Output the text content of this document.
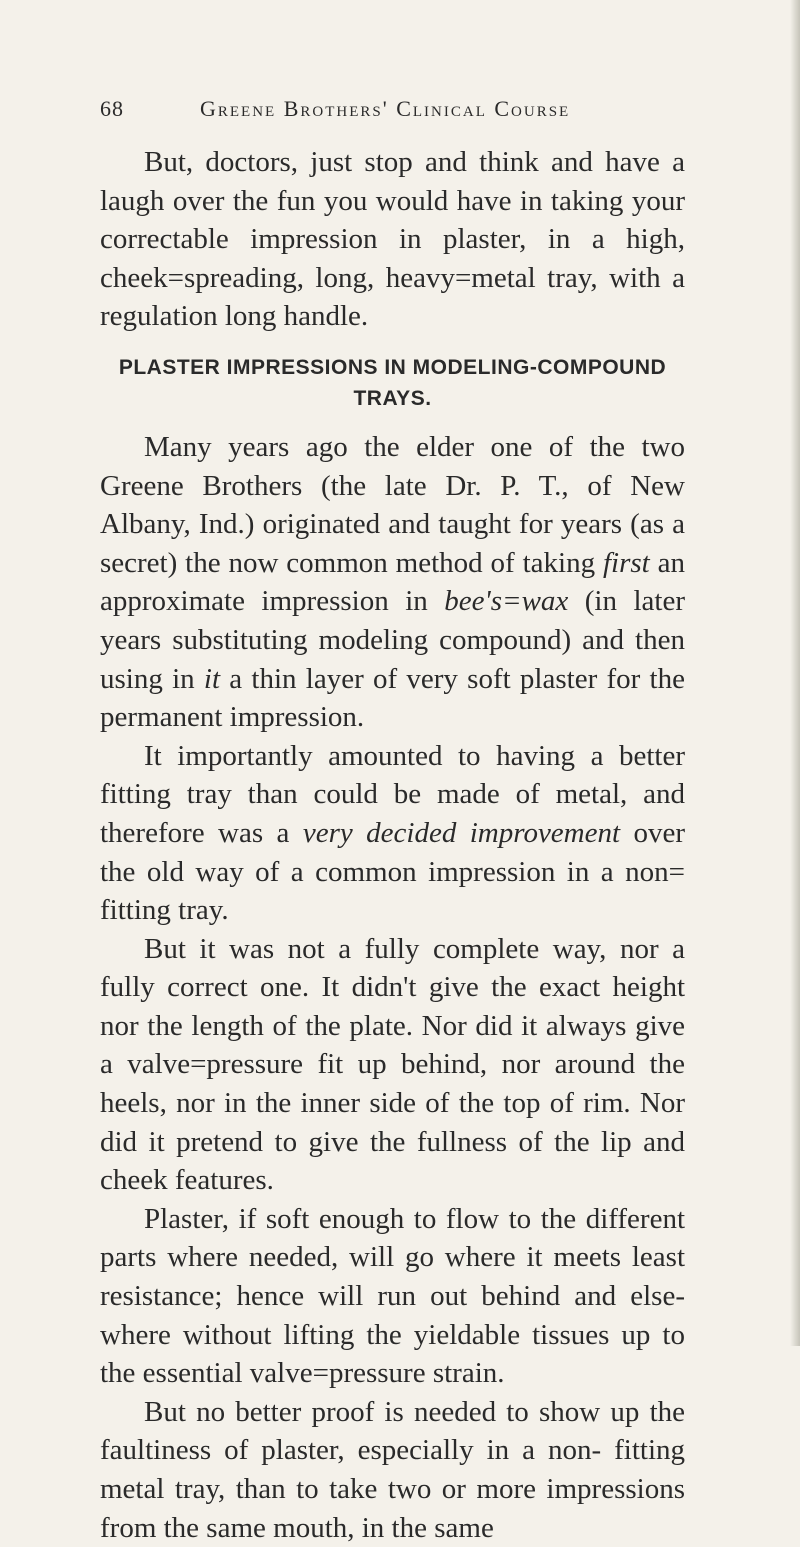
68	Greene Brothers' Clinical Course

But, doctors, just stop and think and have a laugh over the fun you would have in taking your correctable impression in plaster, in a high, cheek=spreading, long, heavy=metal tray, with a regulation long handle.

PLASTER IMPRESSIONS IN MODELING-COMPOUND TRAYS.

Many years ago the elder one of the two Greene Brothers (the late Dr. P. T., of New Albany, Ind.) originated and taught for years (as a secret) the now common method of taking first an approximate impression in bee's=wax (in later years substituting modeling compound) and then using in it a thin layer of very soft plaster for the permanent impression.

It importantly amounted to having a better fitting tray than could be made of metal, and therefore was a very decided improvement over the old way of a common impression in a non= fitting tray.

But it was not a fully complete way, nor a fully correct one. It didn't give the exact height nor the length of the plate. Nor did it always give a valve=pressure fit up behind, nor around the heels, nor in the inner side of the top of rim. Nor did it pretend to give the fullness of the lip and cheek features.

Plaster, if soft enough to flow to the different parts where needed, will go where it meets least resistance; hence will run out behind and else- where without lifting the yieldable tissues up to the essential valve=pressure strain.

But no better proof is needed to show up the faultiness of plaster, especially in a non- fitting metal tray, than to take two or more impressions from the same mouth, in the same
